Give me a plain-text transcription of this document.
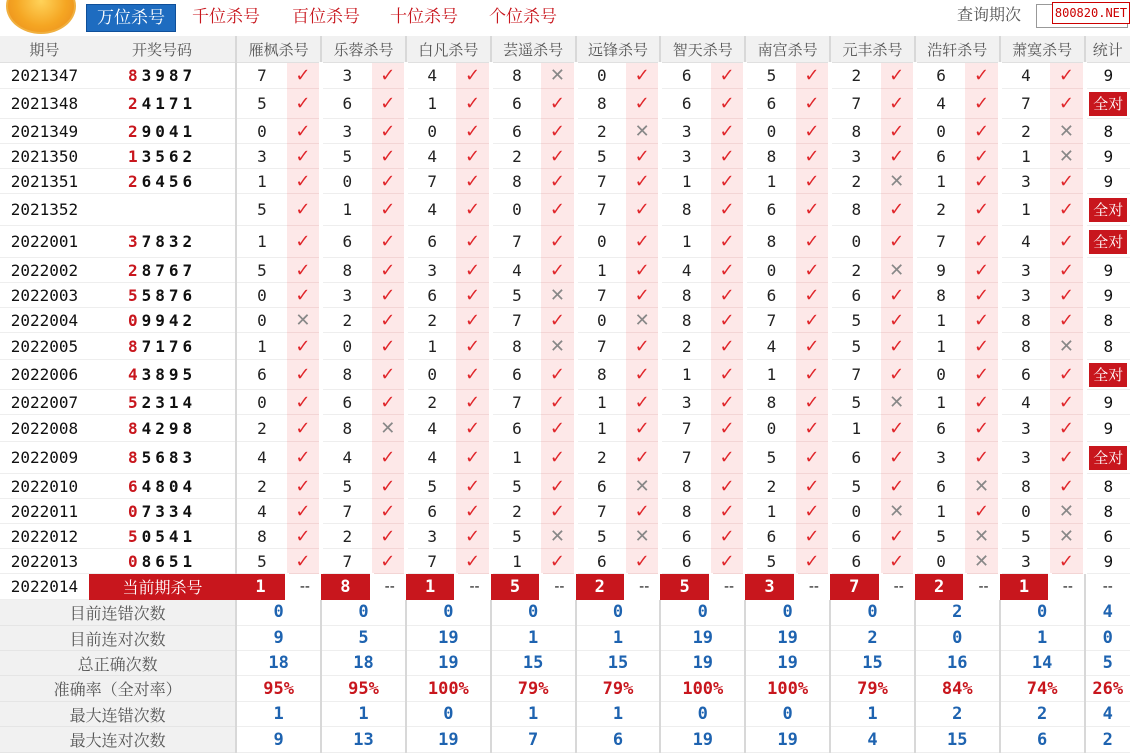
万位杀号	千位杀号 百位杀号 十位杀号 个位杀号	查询期次	800820.NET
期号	开奖号码	雁枫杀号		乐蓉杀号		白凡杀号		芸遥杀号		远锋杀号		智天杀号		南宫杀号		元丰杀号		浩轩杀号		萧寞杀号		统计
2021347	83987	7	✓	3	✓	4	✓	8	✕	0	✓	6	✓	5	✓	2	✓	6	✓	4	✓	9
2021348	24171	5	✓	6	✓	1	✓	6	✓	8	✓	6	✓	6	✓	7	✓	4	✓	7	✓	全对
2021349	29041	0	✓	3	✓	0	✓	6	✓	2	✕	3	✓	0	✓	8	✓	0	✓	2	✕	8
2021350	13562	3	✓	5	✓	4	✓	2	✓	5	✓	3	✓	8	✓	3	✓	6	✓	1	✕	9
2021351	26456	1	✓	0	✓	7	✓	8	✓	7	✓	1	✓	1	✓	2	✕	1	✓	3	✓	9
2021352		5	✓	1	✓	4	✓	0	✓	7	✓	8	✓	6	✓	8	✓	2	✓	1	✓	全对
2022001	37832	1	✓	6	✓	6	✓	7	✓	0	✓	1	✓	8	✓	0	✓	7	✓	4	✓	全对
2022002	28767	5	✓	8	✓	3	✓	4	✓	1	✓	4	✓	0	✓	2	✕	9	✓	3	✓	9
2022003	55876	0	✓	3	✓	6	✓	5	✕	7	✓	8	✓	6	✓	6	✓	8	✓	3	✓	9
2022004	09942	0	✕	2	✓	2	✓	7	✓	0	✕	8	✓	7	✓	5	✓	1	✓	8	✓	8
2022005	87176	1	✓	0	✓	1	✓	8	✕	7	✓	2	✓	4	✓	5	✓	1	✓	8	✕	8
2022006	43895	6	✓	8	✓	0	✓	6	✓	8	✓	1	✓	1	✓	7	✓	0	✓	6	✓	全对
2022007	52314	0	✓	6	✓	2	✓	7	✓	1	✓	3	✓	8	✓	5	✕	1	✓	4	✓	9
2022008	84298	2	✓	8	✕	4	✓	6	✓	1	✓	7	✓	0	✓	1	✓	6	✓	3	✓	9
2022009	85683	4	✓	4	✓	4	✓	1	✓	2	✓	7	✓	5	✓	6	✓	3	✓	3	✓	全对
2022010	64804	2	✓	5	✓	5	✓	5	✓	6	✕	8	✓	2	✓	5	✓	6	✕	8	✓	8
2022011	07334	4	✓	7	✓	6	✓	2	✓	7	✓	8	✓	1	✓	0	✕	1	✓	0	✕	8
2022012	50541	8	✓	2	✓	3	✓	5	✕	5	✕	6	✓	6	✓	6	✓	5	✕	5	✕	6
2022013	08651	5	✓	7	✓	7	✓	1	✓	6	✓	6	✓	5	✓	6	✓	0	✕	3	✓	9
2022014	当前期杀号	1	--	8	--	1	--	5	--	2	--	5	--	3	--	7	--	2	--	1	--	--
目前连错次数		0		0		0		0		0		0		0		0		2		0		4
目前连对次数		9		5		19		1		1		19		19		2		0		1		0
总正确次数		18		18		19		15		15		19		19		15		16		14		5
准确率（全对率）		95%		95%		100%		79%		79%		100%		100%		79%		84%		74%		26%
最大连错次数		1		1		0		1		1		0		0		1		2		2		4
最大连对次数		9		13		19		7		6		19		19		4		15		6		2
